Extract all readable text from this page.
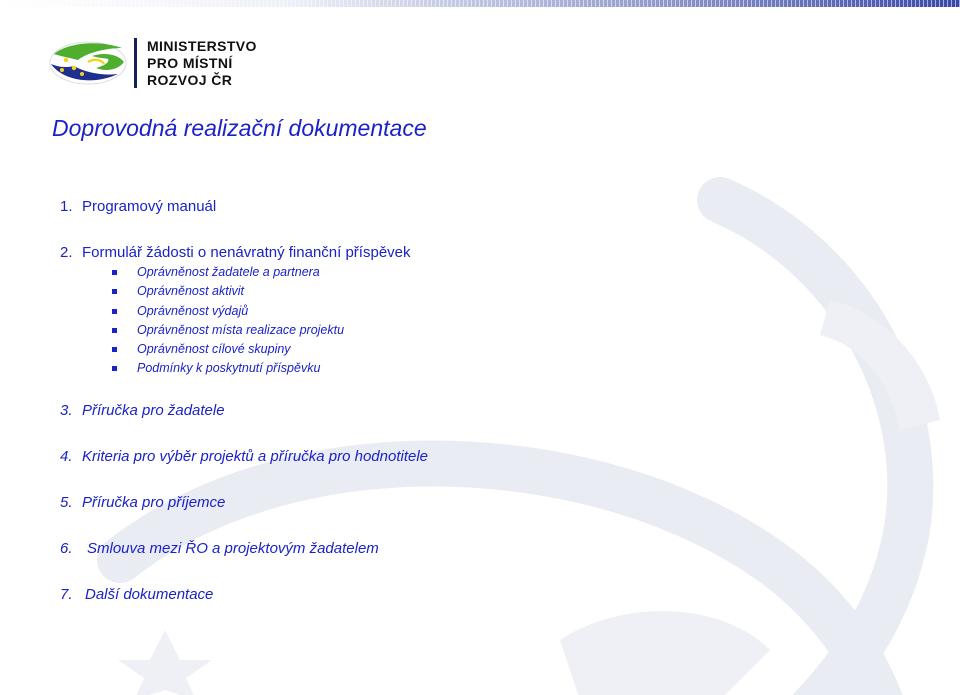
MINISTERSTVO
PRO MÍSTNÍ
ROZVOJ ČR
Doprovodná realizační dokumentace
1. Programový manuál
2. Formulář žádosti o nenávratný finanční příspěvek
Oprávněnost žadatele a partnera
Oprávněnost aktivit
Oprávněnost výdajů
Oprávněnost místa realizace projektu
Oprávněnost cílové skupiny
Podmínky k poskytnutí příspěvku
3. Příručka pro žadatele
4. Kriteria pro výběr projektů a příručka pro hodnotitele
5. Příručka pro příjemce
6. Smlouva mezi ŘO a projektovým žadatelem
7. Další dokumentace
